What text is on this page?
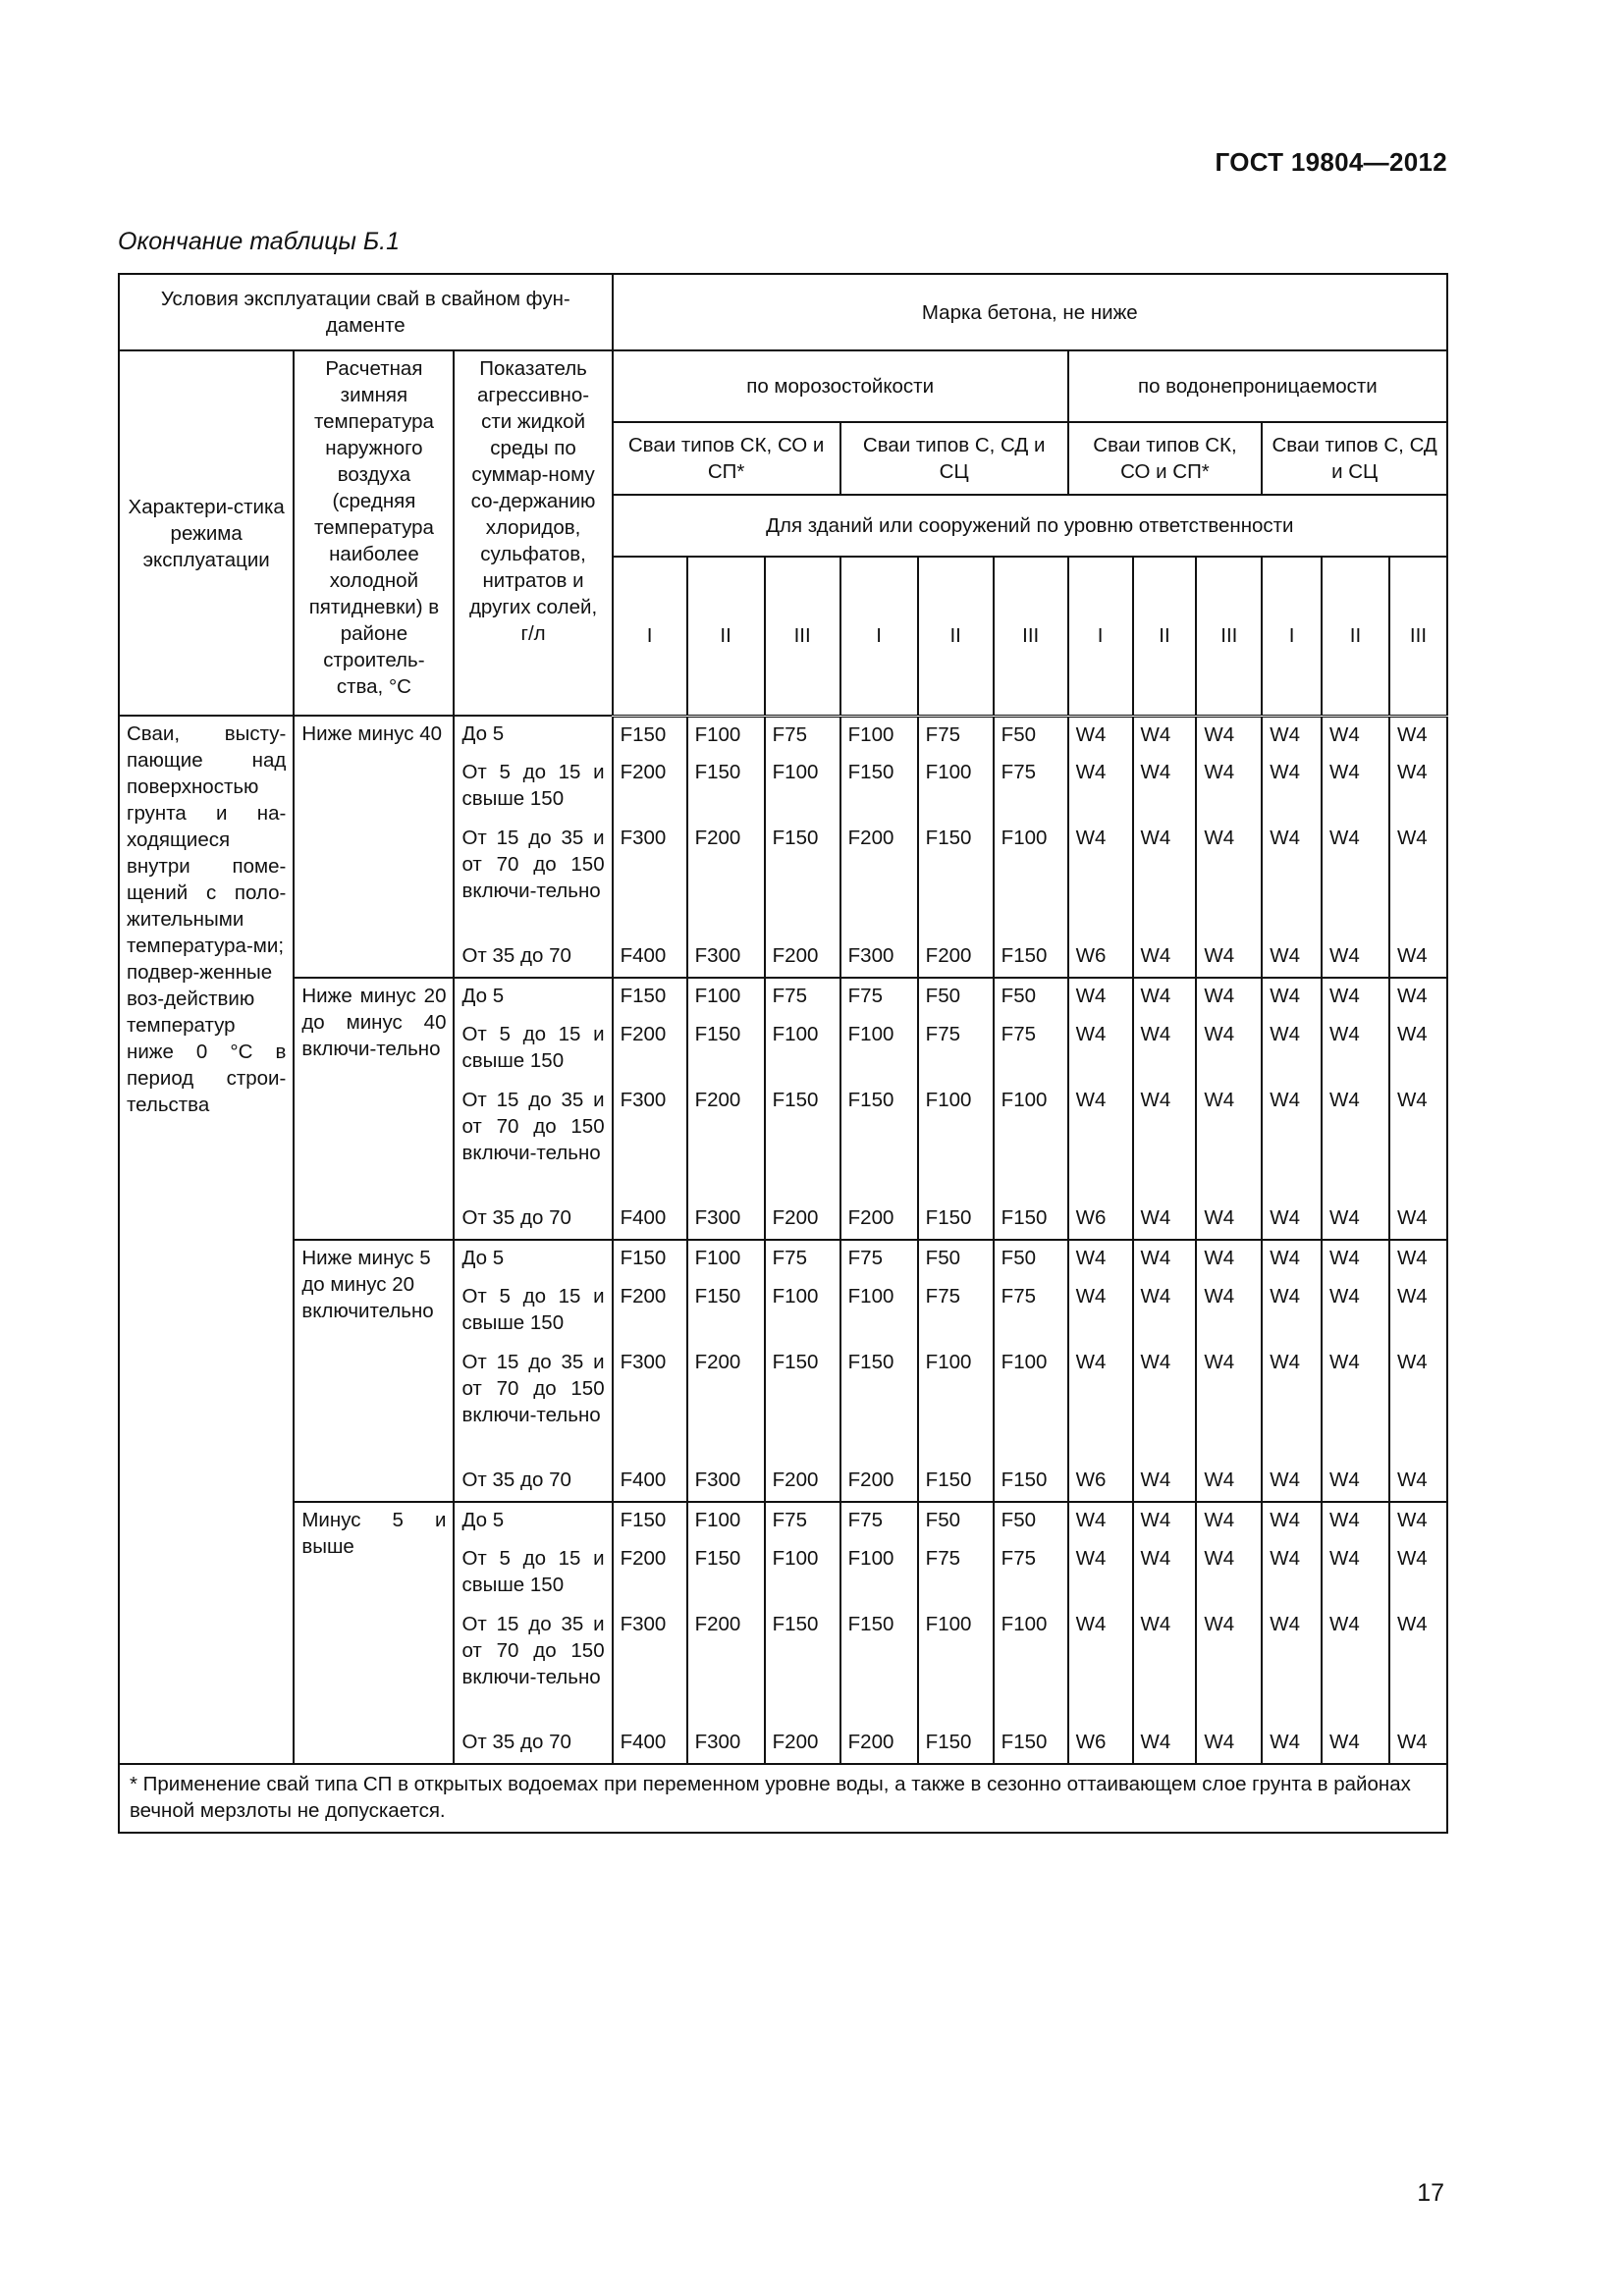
ГОСТ 19804—2012
Окончание таблицы Б.1
Условия эксплуатации свай в свайном фун-даменте			Марка бетона, не ниже											
Характери-стика режима эксплуатации	Расчетная зимняя температура наружного воздуха (средняя температура наиболее холодной пятидневки) в районе строитель-ства, °С	Показатель агрессивно-сти жидкой среды по суммар-ному со-держанию хлоридов, сульфатов, нитратов и других солей, г/л	по морозостойкости						по водонепроницаемости					
			Сваи типов СК, СО и СП*			Сваи типов С, СД и СЦ			Сваи типов СК, СО и СП*			Сваи типов С, СД и СЦ		
			Для зданий или сооружений по уровню ответственности											
			I	II	III	I	II	III	I	II	III	I	II	III
Сваи, высту-пающие над поверхностью грунта и на-ходящиеся внутри поме-щений с поло-жительными температура-ми; подвер-женные воз-действию температур ниже 0 °С в период строи-тельства	Ниже минус 40	До 5	F150	F100	F75	F100	F75	F50	W4	W4	W4	W4	W4	W4
		От 5 до 15 и свыше 150	F200	F150	F100	F150	F100	F75	W4	W4	W4	W4	W4	W4
		От 15 до 35 и от 70 до 150 включи-тельно	F300	F200	F150	F200	F150	F100	W4	W4	W4	W4	W4	W4
		От 35 до 70	F400	F300	F200	F300	F200	F150	W6	W4	W4	W4	W4	W4
	Ниже минус 20 до минус 40 включи-тельно	До 5	F150	F100	F75	F75	F50	F50	W4	W4	W4	W4	W4	W4
		От 5 до 15 и свыше 150	F200	F150	F100	F100	F75	F75	W4	W4	W4	W4	W4	W4
		От 15 до 35 и от 70 до 150 включи-тельно	F300	F200	F150	F150	F100	F100	W4	W4	W4	W4	W4	W4
		От 35 до 70	F400	F300	F200	F200	F150	F150	W6	W4	W4	W4	W4	W4
	Ниже минус 5 до минус 20 включительно	До 5	F150	F100	F75	F75	F50	F50	W4	W4	W4	W4	W4	W4
		От 5 до 15 и свыше 150	F200	F150	F100	F100	F75	F75	W4	W4	W4	W4	W4	W4
		От 15 до 35 и от 70 до 150 включи-тельно	F300	F200	F150	F150	F100	F100	W4	W4	W4	W4	W4	W4
		От 35 до 70	F400	F300	F200	F200	F150	F150	W6	W4	W4	W4	W4	W4
	Минус 5 и выше	До 5	F150	F100	F75	F75	F50	F50	W4	W4	W4	W4	W4	W4
		От 5 до 15 и свыше 150	F200	F150	F100	F100	F75	F75	W4	W4	W4	W4	W4	W4
		От 15 до 35 и от 70 до 150 включи-тельно	F300	F200	F150	F150	F100	F100	W4	W4	W4	W4	W4	W4
		От 35 до 70	F400	F300	F200	F200	F150	F150	W6	W4	W4	W4	W4	W4
* Применение свай типа СП в открытых водоемах при переменном уровне воды, а также в сезонно оттаивающем слое грунта в районах вечной мерзлоты не допускается.														
17
